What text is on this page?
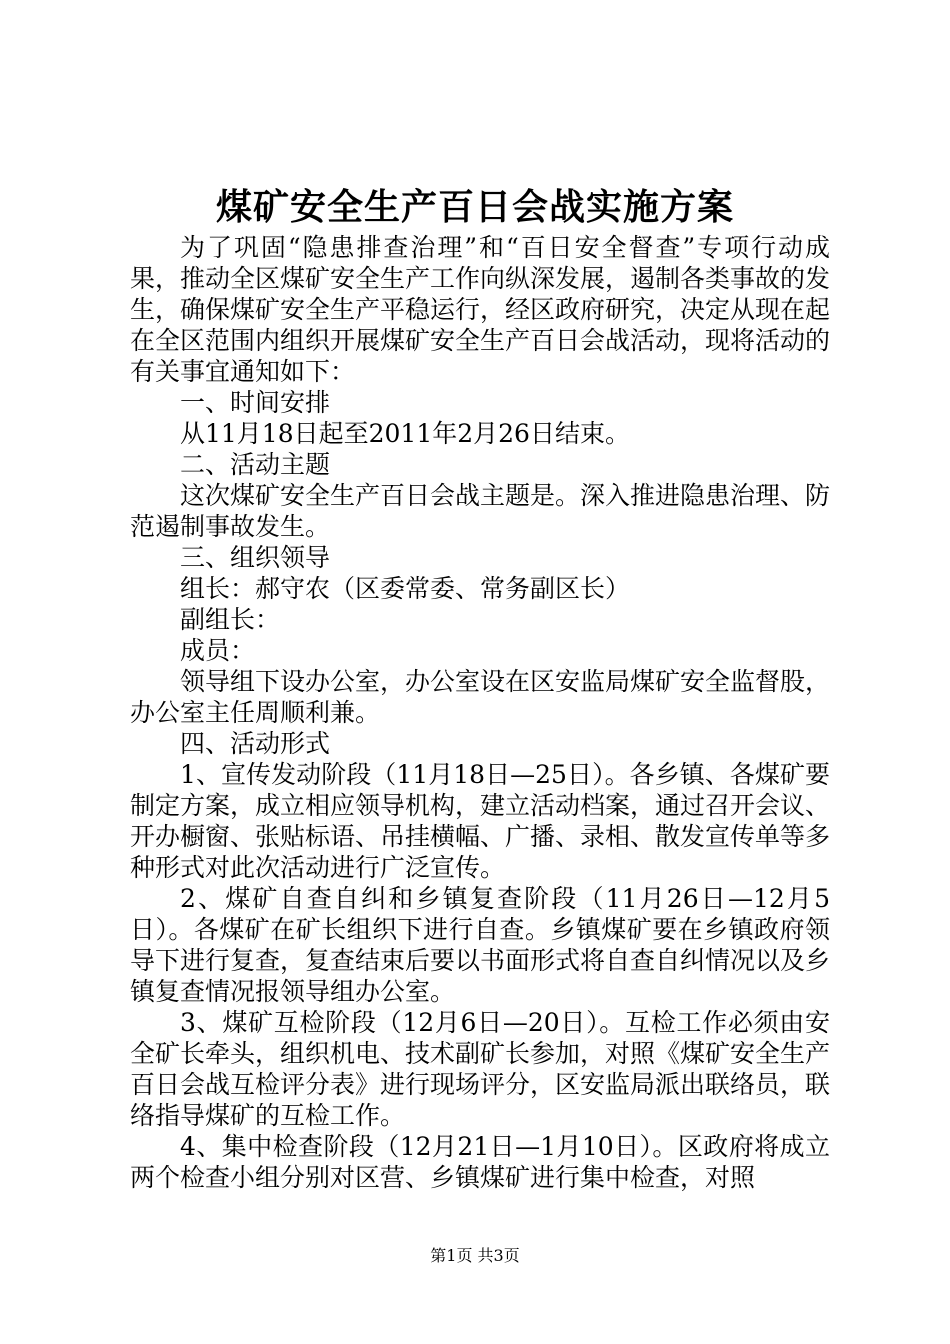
煤矿安全生产百日会战实施方案

为了巩固“隐患排查治理”和“百日安全督查”专项行动成果，推动全区煤矿安全生产工作向纵深发展，遏制各类事故的发生，确保煤矿安全生产平稳运行，经区政府研究，决定从现在起在全区范围内组织开展煤矿安全生产百日会战活动，现将活动的有关事宜通知如下：

一、时间安排

从11月18日起至2011年2月26日结束。

二、活动主题

这次煤矿安全生产百日会战主题是。深入推进隐患治理、防范遏制事故发生。

三、组织领导

组长：郝守农（区委常委、常务副区长）

副组长：

成员：

领导组下设办公室，办公室设在区安监局煤矿安全监督股，办公室主任周顺利兼。

四、活动形式

1、宣传发动阶段（11月18日—25日）。各乡镇、各煤矿要制定方案，成立相应领导机构，建立活动档案，通过召开会议、开办橱窗、张贴标语、吊挂横幅、广播、录相、散发宣传单等多种形式对此次活动进行广泛宣传。

2、煤矿自查自纠和乡镇复查阶段（11月26日—12月5日）。各煤矿在矿长组织下进行自查。乡镇煤矿要在乡镇政府领导下进行复查，复查结束后要以书面形式将自查自纠情况以及乡镇复查情况报领导组办公室。

3、煤矿互检阶段（12月6日—20日）。互检工作必须由安全矿长牵头，组织机电、技术副矿长参加，对照《煤矿安全生产百日会战互检评分表》进行现场评分，区安监局派出联络员，联络指导煤矿的互检工作。

4、集中检查阶段（12月21日—1月10日）。区政府将成立两个检查小组分别对区营、乡镇煤矿进行集中检查，对照

第1页 共3页
